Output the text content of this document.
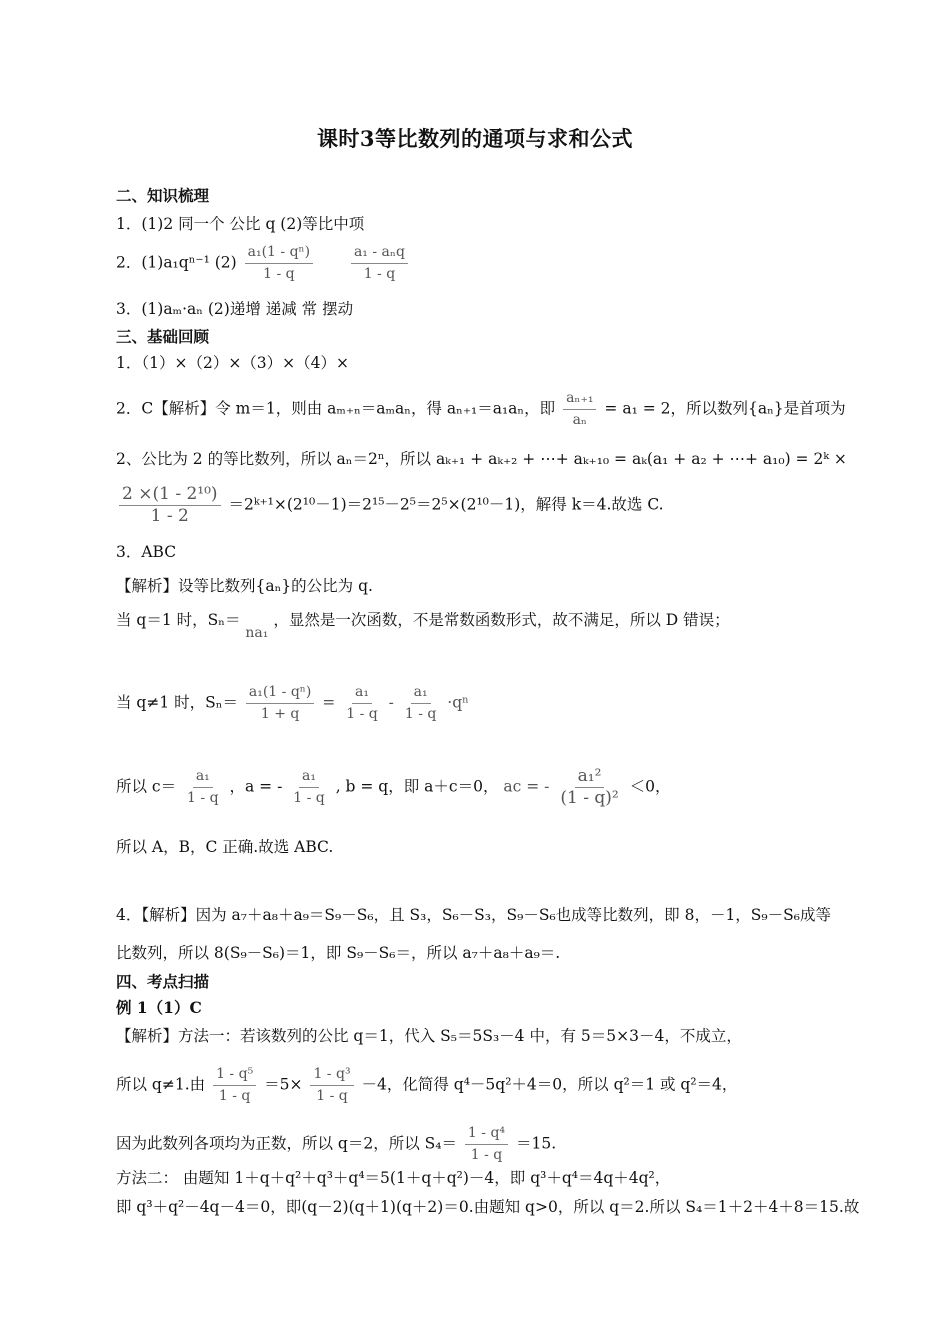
课时3等比数列的通项与求和公式
二、知识梳理
1．(1)2 同一个 公比 q (2)等比中项
2．(1)a₁qⁿ⁻¹ $(2) \frac{\text{a₁(1 - qⁿ)}}{1 - q}$
	$\frac{\text{a₁ - aₙq}}{1 - q}$
3．(1)aₘ·aₙ (2)递增 递减 常 摆动
三、基础回顾
1．（1）×（2）×（3）×（4）×
2．C【解析】令 m＝1，则由 aₘ₊ₙ＝aₘaₙ，得 aₙ₊₁＝a₁aₙ，即 $\frac{\text{aₙ₊₁}}{\text{aₙ}} = a_1 = 2$，所以数列{aₙ}是首项为
2、公比为 2 的等比数列，所以 aₙ＝2ⁿ，所以 aₖ₊₁ + aₖ₊₂ + ⋯+ aₖ₊₁₀ = aₖ(a₁ + a₂ + ⋯+ a₁₀) = 2ᵏ ×
$\frac{\text{2 ×(1 - 2¹⁰)}}{1 - 2}$ ＝2ᵏ⁺¹×(2¹⁰－1)＝2¹⁵－2⁵＝2⁵×(2¹⁰－1)，解得 k＝4.故选 C.
3．ABC
【解析】设等比数列{aₙ}的公比为 q.
当 q＝1 时，Sₙ＝ na₁ ，显然是一次函数，不是常数函数形式，故不满足，所以 D 错误；
当 q≠1 时，$S_n= \frac{\text{a₁(1 - qⁿ)}}{1 + q} = \frac{\text{a₁}}{1 - q} - \frac{\text{a₁}}{1 - q} \cdot q^n$
所以 $c= \frac{\text{a₁}}{1 - q}$ ，a = - $\frac{\text{a₁}}{1 - q}$ , b = q，即 a＋c＝0， ac = - $\frac{\text{a₁²}}{\text{(1 - q)²}} <0$，
所以 A，B，C 正确.故选 ABC.
4．【解析】因为 a₇＋a₈＋a₉＝S₉－S₆，且 S₃，S₆－S₃，S₉－S₆也成等比数列，即 8，－1，S₉－S₆成等
比数列，所以 8(S₉－S₆)＝1，即 S₉－S₆＝，所以 a₇＋a₈＋a₉＝.
四、考点扫描
例 1（1）C
【解析】方法一：若该数列的公比 q＝1，代入 S₅＝5S₃－4 中，有 5＝5×3－4，不成立，
所以 q≠1.由 $\frac{\text{1 - q⁵}}{1 - q} =5\times \frac{\text{1 - q³}}{1 - q} -4$，化简得 q⁴－5q²＋4＝0，所以 q²＝1 或 q²＝4，
因为此数列各项均为正数，所以 q＝2，所以 $S_4= \frac{\text{1 - q⁴}}{1 - q} =15$.
方法二： 由题知 1＋q＋q²＋q³＋q⁴＝5(1＋q＋q²)－4，即 q³＋q⁴＝4q＋4q²，
即 q³＋q²－4q－4＝0，即(q－2)(q＋1)(q＋2)＝0.由题知 q>0，所以 q＝2.所以 S₄＝1＋2＋4＋8＝15.故
